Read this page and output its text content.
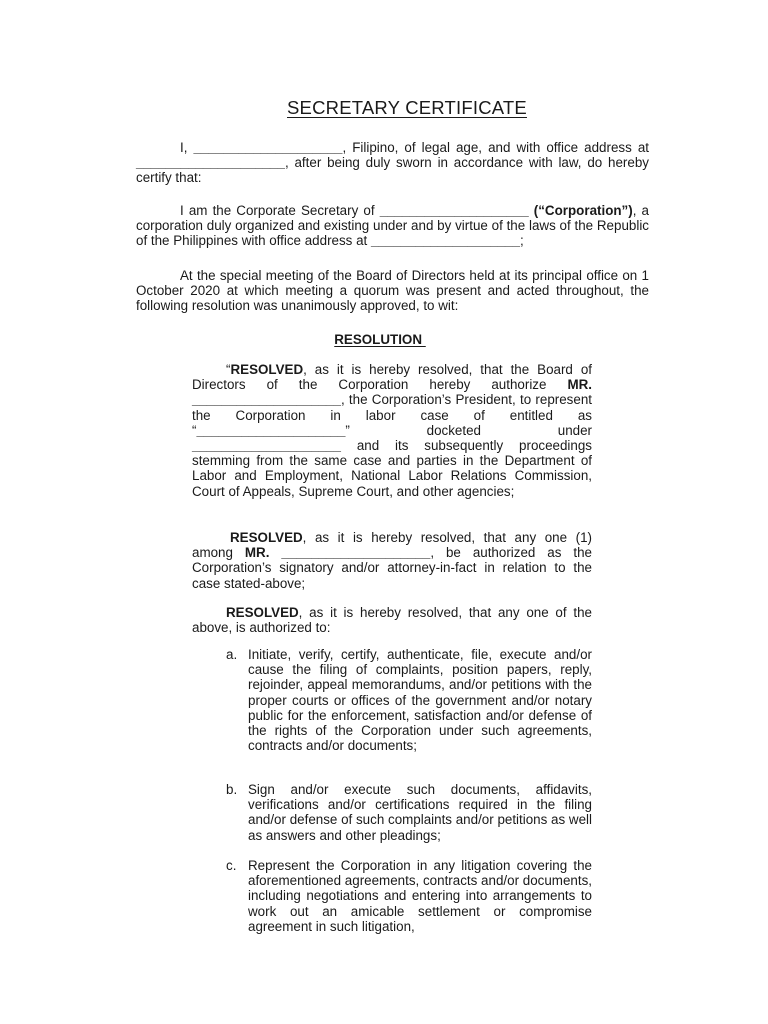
SECRETARY CERTIFICATE
I, ____________________, Filipino, of legal age, and with office address at ____________________, after being duly sworn in accordance with law, do hereby certify that:
I am the Corporate Secretary of ____________________ (“Corporation”), a corporation duly organized and existing under and by virtue of the laws of the Republic of the Philippines with office address at ____________________;
At the special meeting of the Board of Directors held at its principal office on 1 October 2020 at which meeting a quorum was present and acted throughout, the following resolution was unanimously approved, to wit:
RESOLUTION
“RESOLVED, as it is hereby resolved, that the Board of Directors of the Corporation hereby authorize MR. ____________________, the Corporation’s President, to represent the Corporation in labor case of entitled as “____________________” docketed under ____________________ and its subsequently proceedings stemming from the same case and parties in the Department of Labor and Employment, National Labor Relations Commission, Court of Appeals, Supreme Court, and other agencies;
RESOLVED, as it is hereby resolved, that any one (1) among MR. ____________________, be authorized as the Corporation’s signatory and/or attorney-in-fact in relation to the case stated-above;
RESOLVED, as it is hereby resolved, that any one of the above, is authorized to:
a. Initiate, verify, certify, authenticate, file, execute and/or cause the filing of complaints, position papers, reply, rejoinder, appeal memorandums, and/or petitions with the proper courts or offices of the government and/or notary public for the enforcement, satisfaction and/or defense of the rights of the Corporation under such agreements, contracts and/or documents;
b. Sign and/or execute such documents, affidavits, verifications and/or certifications required in the filing and/or defense of such complaints and/or petitions as well as answers and other pleadings;
c. Represent the Corporation in any litigation covering the aforementioned agreements, contracts and/or documents, including negotiations and entering into arrangements to work out an amicable settlement or compromise agreement in such litigation,
